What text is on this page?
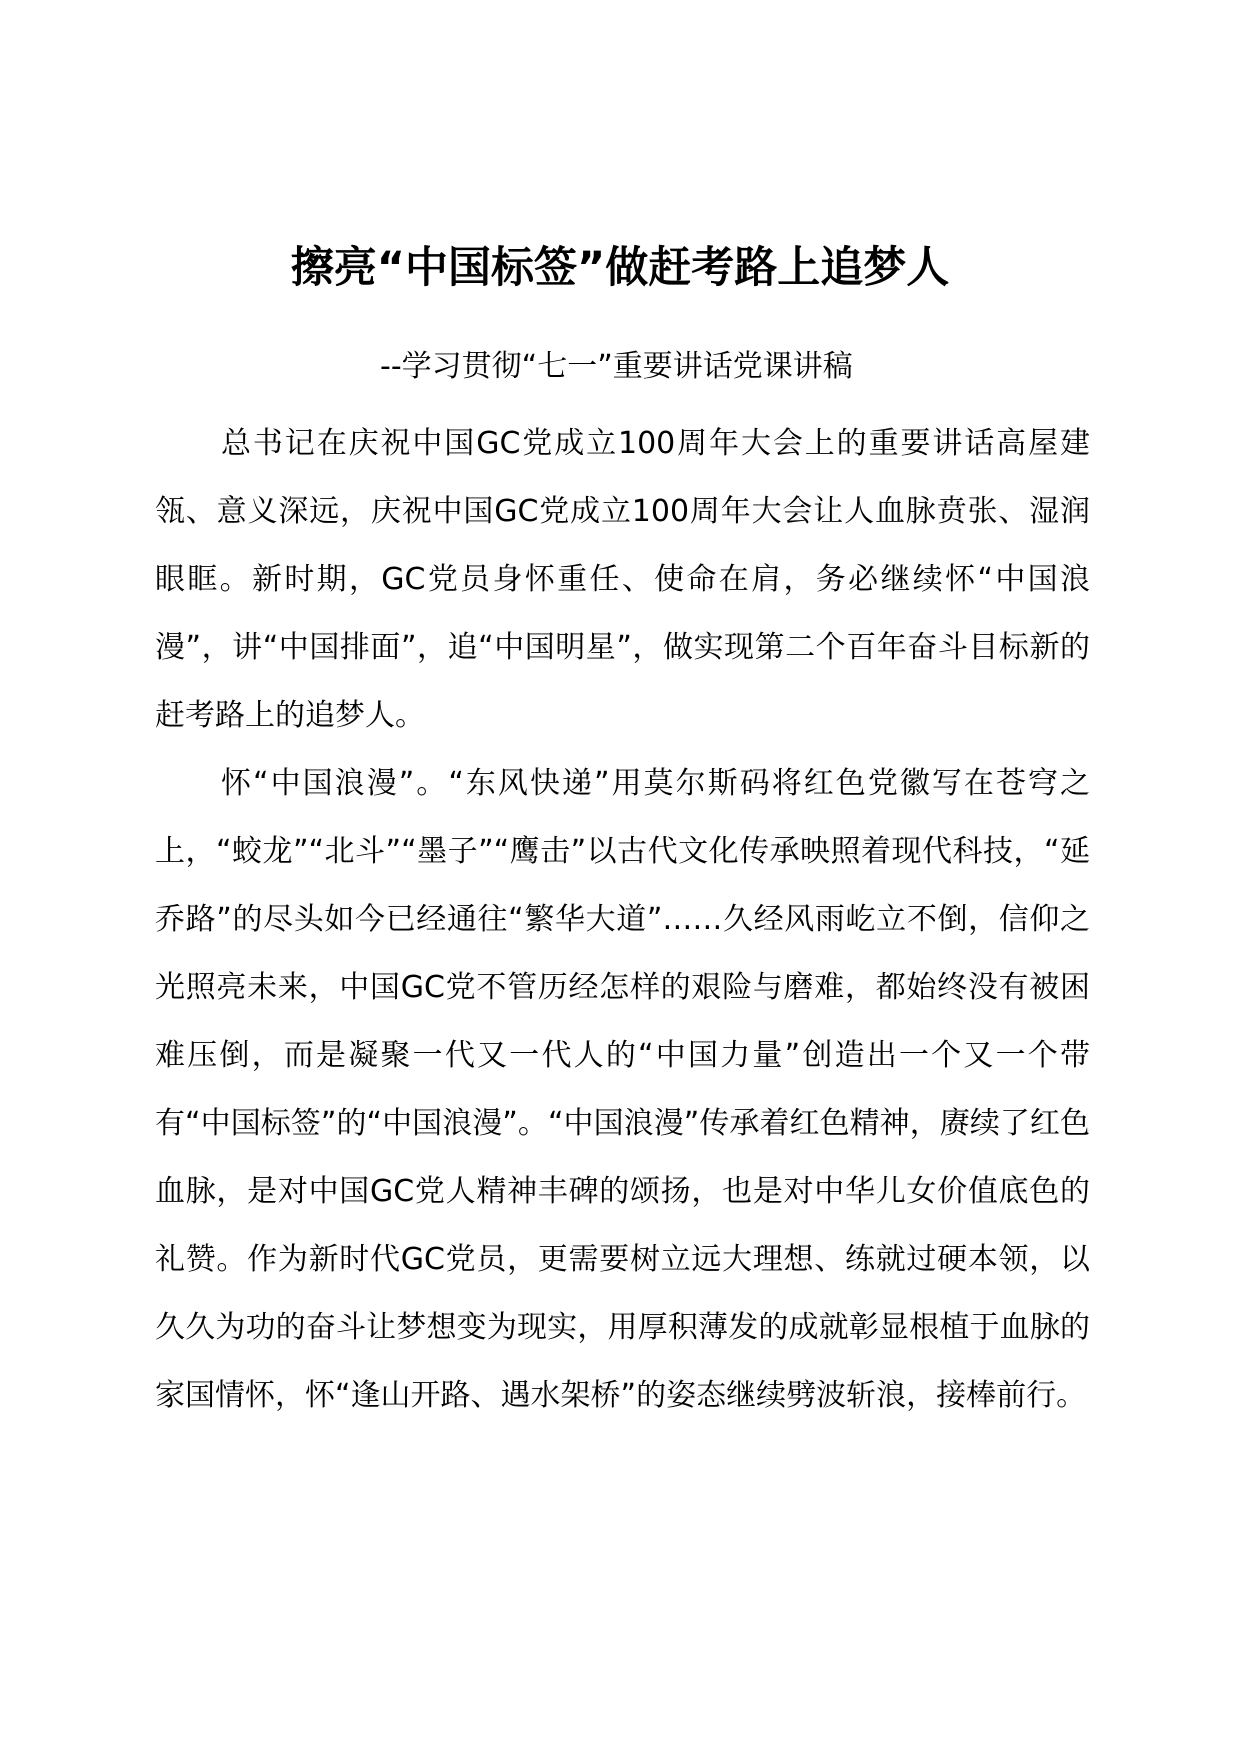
擦亮“中国标签”做赶考路上追梦人

--学习贯彻“七一”重要讲话党课讲稿

总书记在庆祝中国GC党成立100周年大会上的重要讲话高屋建瓴、意义深远，庆祝中国GC党成立100周年大会让人血脉贲张、湿润眼眶。新时期，GC党员身怀重任、使命在肩，务必继续怀“中国浪漫”，讲“中国排面”，追“中国明星”，做实现第二个百年奋斗目标新的赶考路上的追梦人。

怀“中国浪漫”。“东风快递”用莫尔斯码将红色党徽写在苍穹之上，“蛟龙”“北斗”“墨子”“鹰击”以古代文化传承映照着现代科技，“延乔路”的尽头如今已经通往“繁华大道”……久经风雨屹立不倒，信仰之光照亮未来，中国GC党不管历经怎样的艰险与磨难，都始终没有被困难压倒，而是凝聚一代又一代人的“中国力量”创造出一个又一个带有“中国标签”的“中国浪漫”。“中国浪漫”传承着红色精神，赓续了红色血脉，是对中国GC党人精神丰碑的颂扬，也是对中华儿女价值底色的礼赞。作为新时代GC党员，更需要树立远大理想、练就过硬本领，以久久为功的奋斗让梦想变为现实，用厚积薄发的成就彰显根植于血脉的家国情怀，怀“逢山开路、遇水架桥”的姿态继续劈波斩浪，接棒前行。
